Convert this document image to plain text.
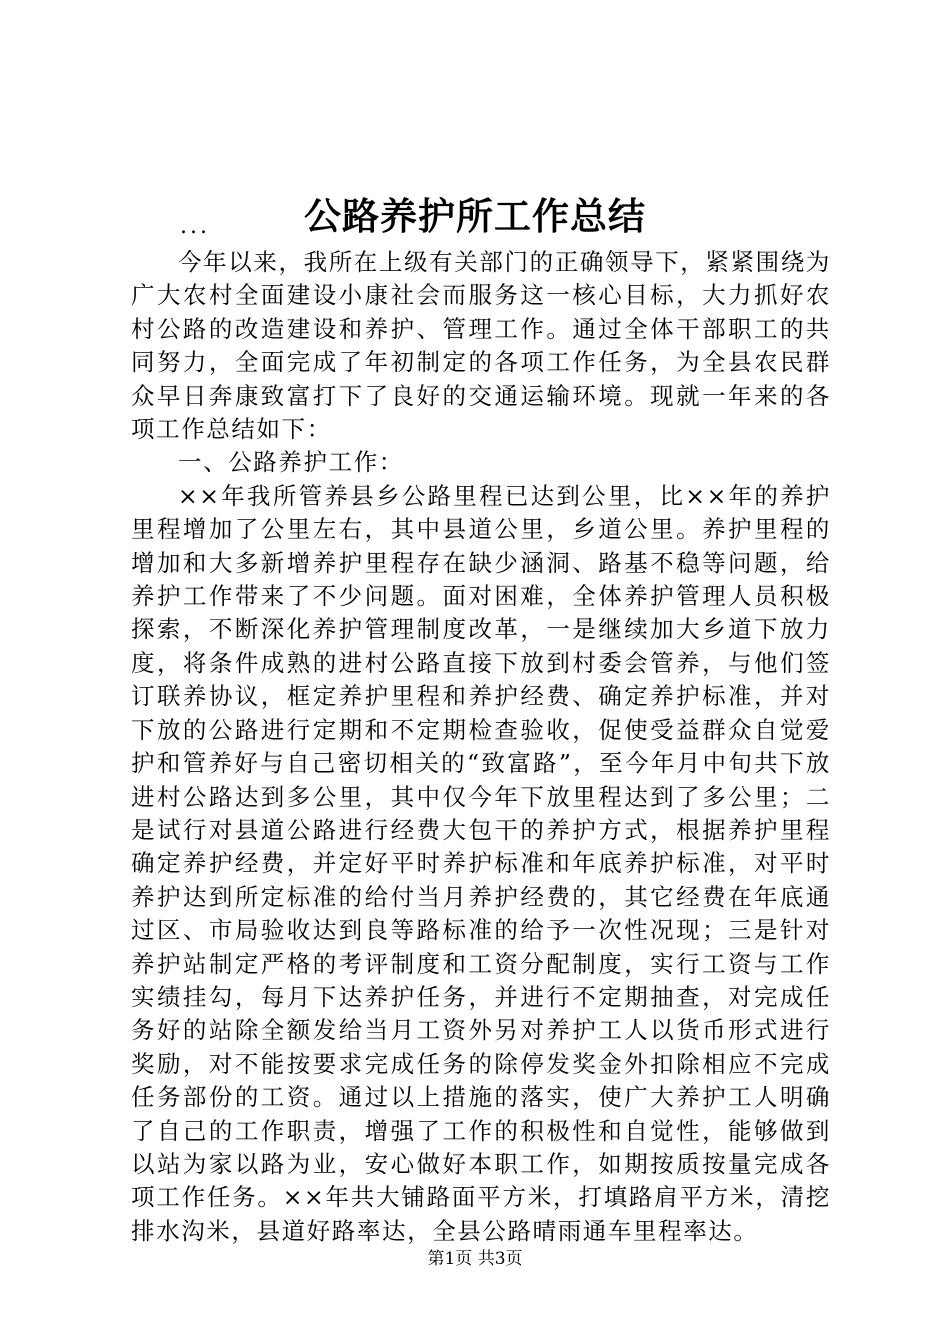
公路养护所工作总结
...

今年以来，我所在上级有关部门的正确领导下，紧紧围绕为广大农村全面建设小康社会而服务这一核心目标，大力抓好农村公路的改造建设和养护、管理工作。通过全体干部职工的共同努力，全面完成了年初制定的各项工作任务，为全县农民群众早日奔康致富打下了良好的交通运输环境。现就一年来的各项工作总结如下：

一、公路养护工作：

××年我所管养县乡公路里程已达到公里，比××年的养护里程增加了公里左右，其中县道公里，乡道公里。养护里程的增加和大多新增养护里程存在缺少涵洞、路基不稳等问题，给养护工作带来了不少问题。面对困难，全体养护管理人员积极探索，不断深化养护管理制度改革，一是继续加大乡道下放力度，将条件成熟的进村公路直接下放到村委会管养，与他们签订联养协议，框定养护里程和养护经费、确定养护标准，并对下放的公路进行定期和不定期检查验收，促使受益群众自觉爱护和管养好与自己密切相关的“致富路”，至今年月中旬共下放进村公路达到多公里，其中仅今年下放里程达到了多公里；二是试行对县道公路进行经费大包干的养护方式，根据养护里程确定养护经费，并定好平时养护标准和年底养护标准，对平时养护达到所定标准的给付当月养护经费的，其它经费在年底通过区、市局验收达到良等路标准的给予一次性况现；三是针对养护站制定严格的考评制度和工资分配制度，实行工资与工作实绩挂勾，每月下达养护任务，并进行不定期抽查，对完成任务好的站除全额发给当月工资外另对养护工人以货币形式进行奖励，对不能按要求完成任务的除停发奖金外扣除相应不完成任务部份的工资。通过以上措施的落实，使广大养护工人明确了自己的工作职责，增强了工作的积极性和自觉性，能够做到以站为家以路为业，安心做好本职工作，如期按质按量完成各项工作任务。××年共大铺路面平方米，打填路肩平方米，清挖排水沟米，县道好路率达，全县公路晴雨通车里程率达。

第1页 共3页
